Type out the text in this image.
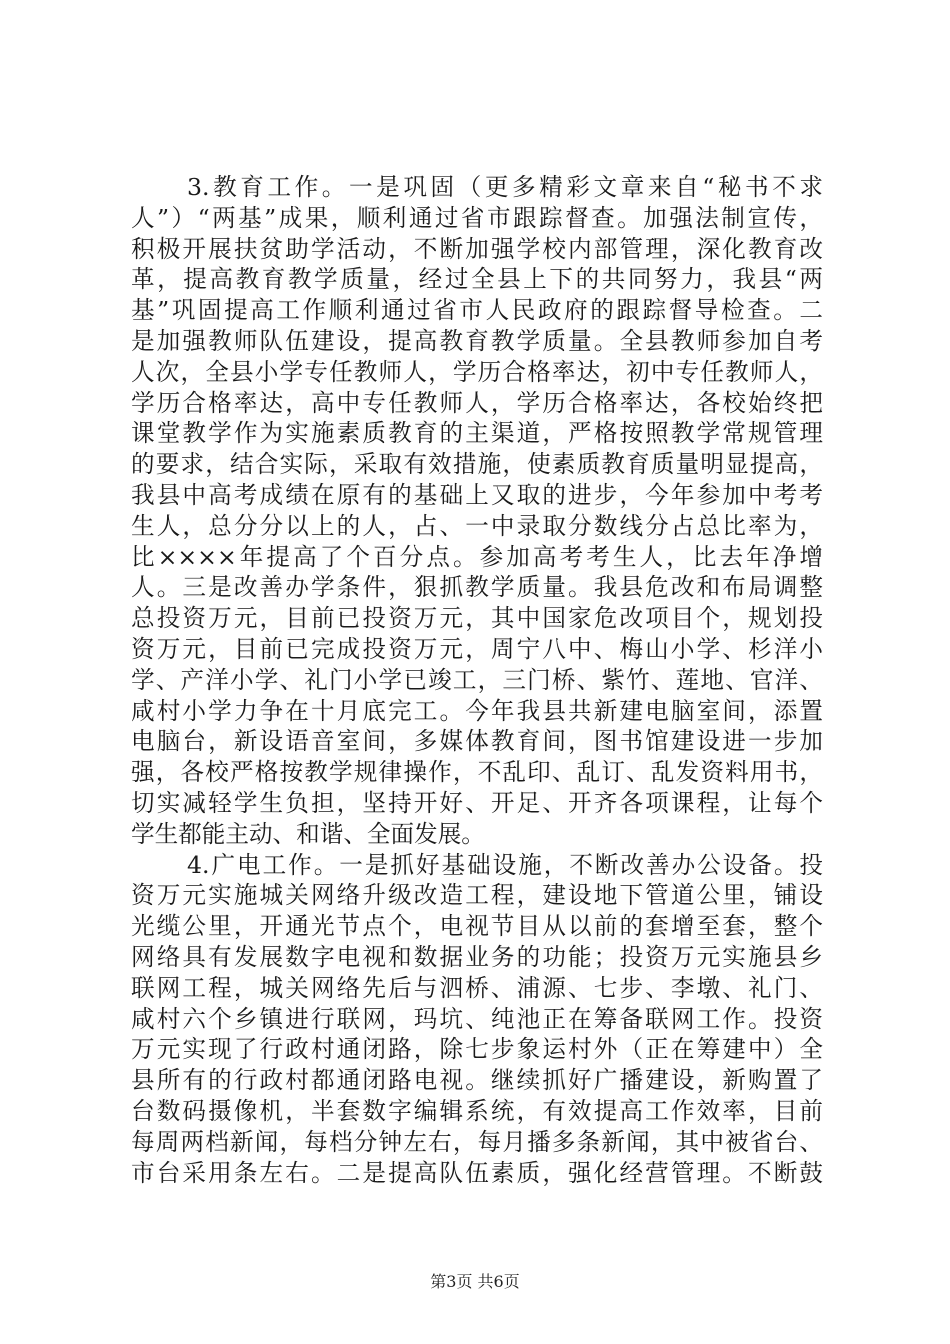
3.教育工作。一是巩固（更多精彩文章来自“秘书不求
人”）“两基”成果，顺利通过省市跟踪督查。加强法制宣传，
积极开展扶贫助学活动，不断加强学校内部管理，深化教育改
革，提高教育教学质量，经过全县上下的共同努力，我县“两
基”巩固提高工作顺利通过省市人民政府的跟踪督导检查。二
是加强教师队伍建设，提高教育教学质量。全县教师参加自考
人次，全县小学专任教师人，学历合格率达，初中专任教师人，
学历合格率达，高中专任教师人，学历合格率达，各校始终把
课堂教学作为实施素质教育的主渠道，严格按照教学常规管理
的要求，结合实际，采取有效措施，使素质教育质量明显提高，
我县中高考成绩在原有的基础上又取的进步，今年参加中考考
生人，总分分以上的人，占、一中录取分数线分占总比率为，
比××××年提高了个百分点。参加高考考生人，比去年净增
人。三是改善办学条件，狠抓教学质量。我县危改和布局调整
总投资万元，目前已投资万元，其中国家危改项目个，规划投
资万元，目前已完成投资万元，周宁八中、梅山小学、杉洋小
学、产洋小学、礼门小学已竣工，三门桥、紫竹、莲地、官洋、
咸村小学力争在十月底完工。今年我县共新建电脑室间，添置
电脑台，新设语音室间，多媒体教育间，图书馆建设进一步加
强，各校严格按教学规律操作，不乱印、乱订、乱发资料用书，
切实减轻学生负担，坚持开好、开足、开齐各项课程，让每个
学生都能主动、和谐、全面发展。
4.广电工作。一是抓好基础设施，不断改善办公设备。投
资万元实施城关网络升级改造工程，建设地下管道公里，铺设
光缆公里，开通光节点个，电视节目从以前的套增至套，整个
网络具有发展数字电视和数据业务的功能；投资万元实施县乡
联网工程，城关网络先后与泗桥、浦源、七步、李墩、礼门、
咸村六个乡镇进行联网，玛坑、纯池正在筹备联网工作。投资
万元实现了行政村通闭路，除七步象运村外（正在筹建中）全
县所有的行政村都通闭路电视。继续抓好广播建设，新购置了
台数码摄像机，半套数字编辑系统，有效提高工作效率，目前
每周两档新闻，每档分钟左右，每月播多条新闻，其中被省台、
市台采用条左右。二是提高队伍素质，强化经营管理。不断鼓
第3页 共6页
